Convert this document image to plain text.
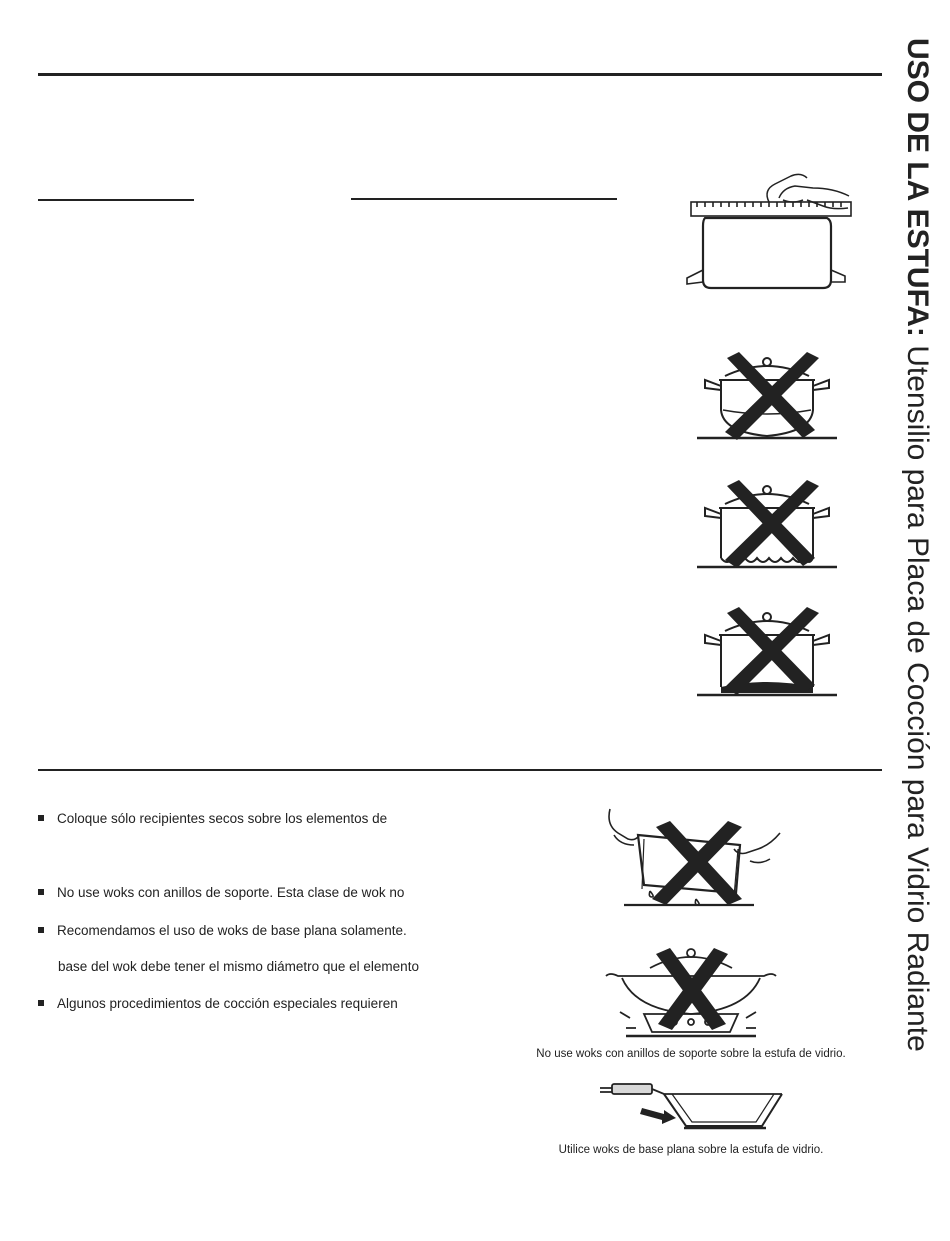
USO DE LA ESTUFA: Utensilio para Placa de Cocción para Vidrio Radiante
Coloque sólo recipientes secos sobre los elementos de
No use woks con anillos de soporte. Esta clase de wok no
Recomendamos el uso de woks de base plana solamente.
base del wok debe tener el mismo diámetro que el elemento
Algunos procedimientos de cocción especiales requieren
No use woks con anillos de soporte sobre la estufa de vidrio.
Utilice woks de base plana sobre la estufa de vidrio.
